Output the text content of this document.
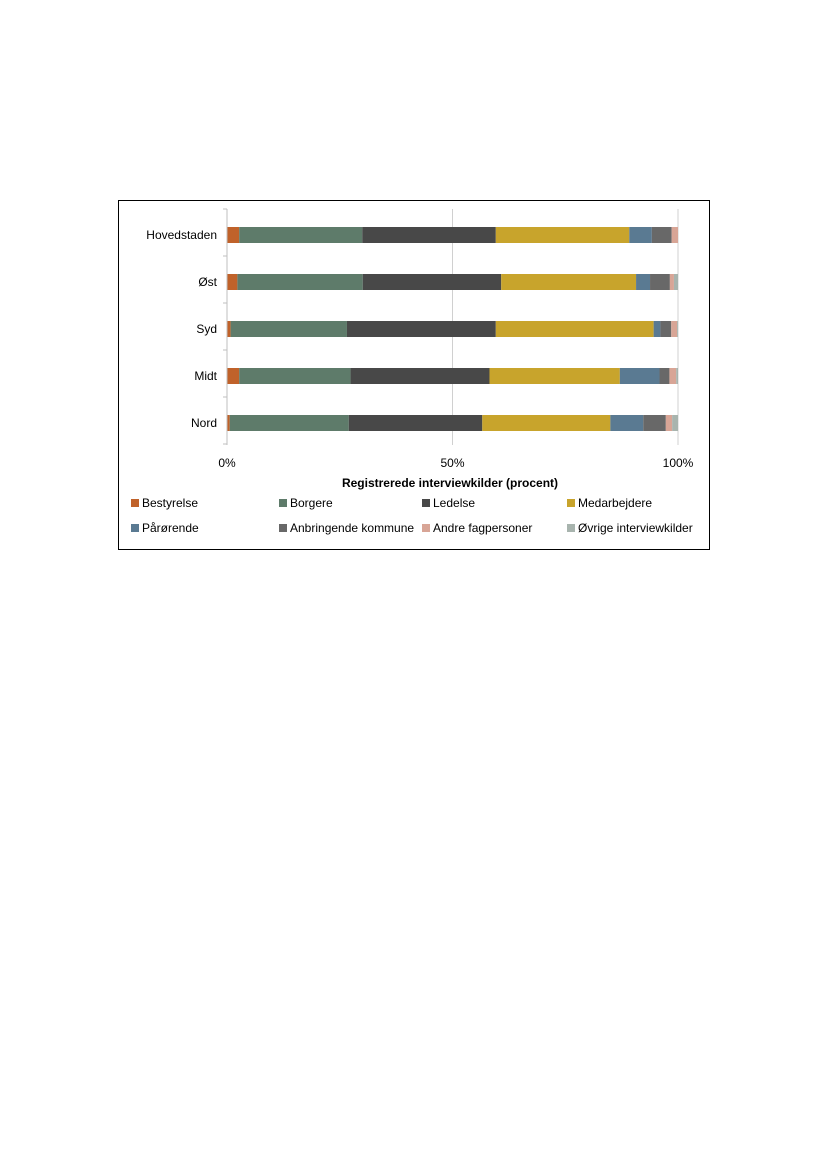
0%	50%	100%
Hovedstaden
Øst
Syd
Midt
Nord
Registrerede interviewkilder (procent)
Bestyrelse	Borgere	Ledelse	Medarbejdere
Pårørende	Anbringende kommune Andre fagpersoner	Øvrige interviewkilder
